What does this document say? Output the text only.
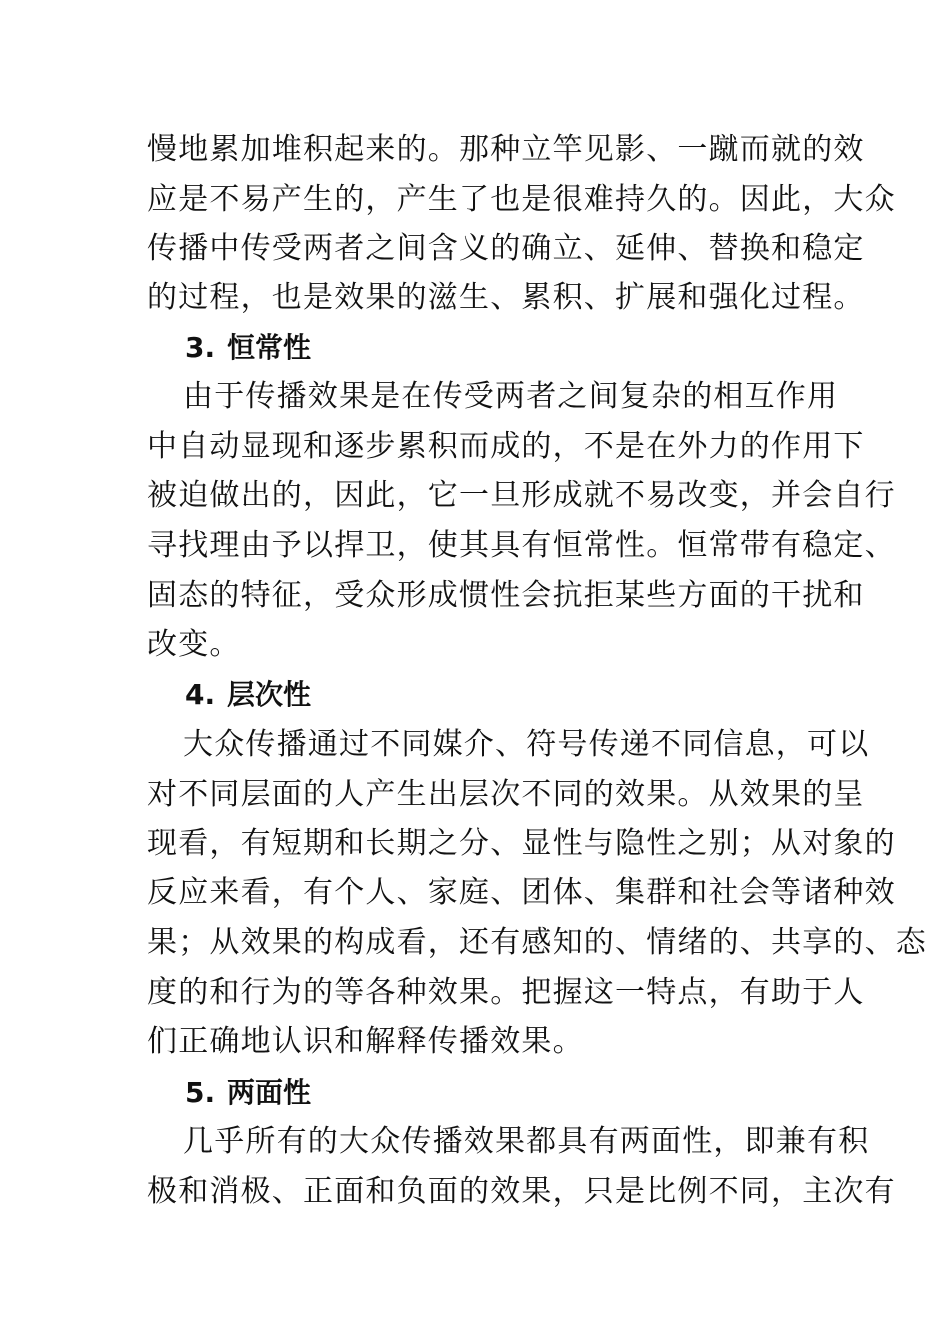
慢地累加堆积起来的。那种立竿见影、一蹴而就的效
应是不易产生的，产生了也是很难持久的。因此，大众
传播中传受两者之间含义的确立、延伸、替换和稳定
的过程，也是效果的滋生、累积、扩展和强化过程。
3. 恒常性
由于传播效果是在传受两者之间复杂的相互作用
中自动显现和逐步累积而成的，不是在外力的作用下
被迫做出的，因此，它一旦形成就不易改变，并会自行
寻找理由予以捍卫，使其具有恒常性。恒常带有稳定、
固态的特征，受众形成惯性会抗拒某些方面的干扰和
改变。
4. 层次性
大众传播通过不同媒介、符号传递不同信息，可以
对不同层面的人产生出层次不同的效果。从效果的呈
现看，有短期和长期之分、显性与隐性之别；从对象的
反应来看，有个人、家庭、团体、集群和社会等诸种效
果；从效果的构成看，还有感知的、情绪的、共享的、态
度的和行为的等各种效果。把握这一特点，有助于人
们正确地认识和解释传播效果。
5. 两面性
几乎所有的大众传播效果都具有两面性，即兼有积
极和消极、正面和负面的效果，只是比例不同，主次有
